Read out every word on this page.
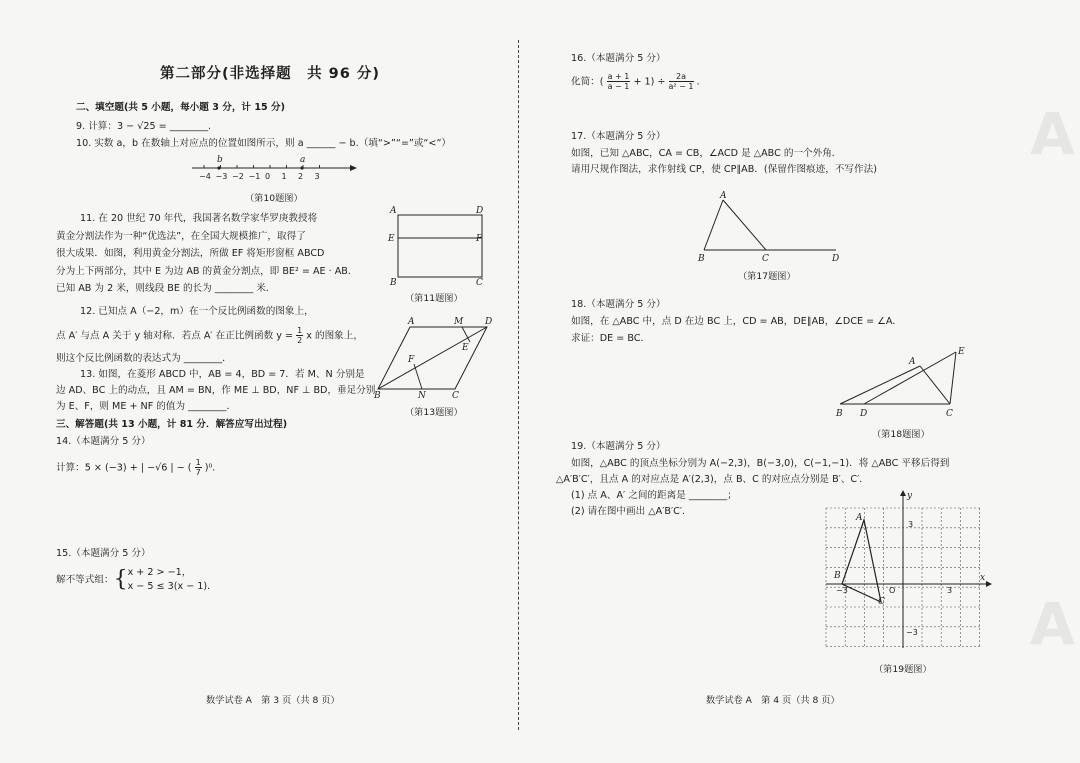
A
A
第二部分(非选择题　共 96 分)
二、填空题(共 5 小题，每小题 3 分，计 15 分)
9. 计算：3 − √25 = ________.
10. 实数 a，b 在数轴上对应点的位置如图所示，则 a ______ − b.（填“>”“=”或“<”）
−4 −3 −2 −1 0 1 2 3
b	a
（第10题图）
11. 在 20 世纪 70 年代，我国著名数学家华罗庚教授将
黄金分割法作为一种“优选法”，在全国大规模推广，取得了
很大成果．如图，利用黄金分割法，所做 EF 将矩形窗框 ABCD
分为上下两部分，其中 E 为边 AB 的黄金分割点，即 BE² = AE · AB．
已知 AB 为 2 米，则线段 BE 的长为 ________ 米．
A	D
E	F
B	C
（第11题图）
12. 已知点 A（−2，m）在一个反比例函数的图象上，
点 A′ 与点 A 关于 y 轴对称．若点 A′ 在正比例函数 $y = \frac{1}{2}$ x 的图象上，
则这个反比例函数的表达式为 ________．
A	M D
E
F
B	N	C
（第13题图）
13. 如图，在菱形 ABCD 中，AB = 4，BD = 7．若 M、N 分别是
边 AD、BC 上的动点，且 AM = BN，作 ME ⊥ BD，NF ⊥ BD，垂足分别
为 E、F，则 ME + NF 的值为 ________．
三、解答题(共 13 小题，计 81 分．解答应写出过程)
14.（本题满分 5 分）
计算：5 × (−3) + | −√6 | − ( $\frac{1}{7} )^0$．
15.（本题满分 5 分）
解不等式组：{ x + 2 > −1，
x − 5 ≤ 3(x − 1)．
数学试卷 A　第 3 页（共 8 页）
16.（本题满分 5 分）
化简：( $\frac{a + 1}{a - 1} + 1) \div \frac{2a}{\text{a² − 1}}$ ．
17.（本题满分 5 分）
如图，已知 △ABC，CA = CB，∠ACD 是 △ABC 的一个外角．
请用尺规作图法，求作射线 CP，使 CP∥AB．(保留作图痕迹，不写作法)
A
B	C	D
（第17题图）
18.（本题满分 5 分）
如图，在 △ABC 中，点 D 在边 BC 上，CD = AB，DE∥AB，∠DCE = ∠A．
求证：DE = BC．
A
E
B D	C
（第18题图）
19.（本题满分 5 分）
如图，△ABC 的顶点坐标分别为 A(−2,3)，B(−3,0)，C(−1,−1)．将 △ABC 平移后得到
△A′B′C′，且点 A 的对应点是 A′(2,3)，点 B、C 的对应点分别是 B′、C′．
(1) 点 A、A′ 之间的距离是 ________；
(2) 请在图中画出 △A′B′C′．
x
y
O
−3	3
3
−3
A
B
C
（第19题图）
数学试卷 A　第 4 页（共 8 页）
